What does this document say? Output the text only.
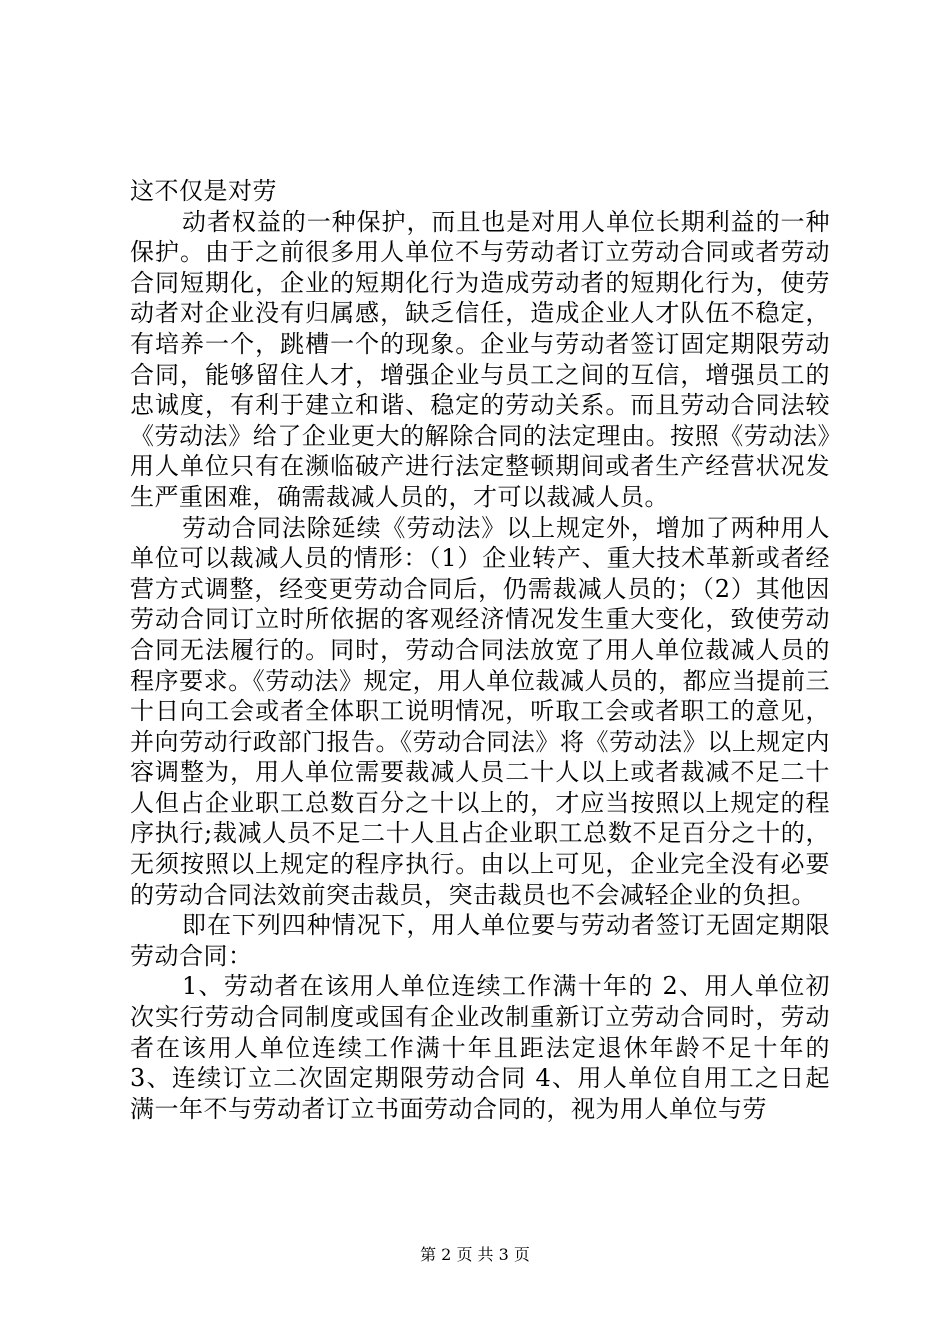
这不仅是对劳

动者权益的一种保护，而且也是对用人单位长期利益的一种保护。由于之前很多用人单位不与劳动者订立劳动合同或者劳动合同短期化，企业的短期化行为造成劳动者的短期化行为，使劳动者对企业没有归属感，缺乏信任，造成企业人才队伍不稳定，有培养一个，跳槽一个的现象。企业与劳动者签订固定期限劳动合同，能够留住人才，增强企业与员工之间的互信，增强员工的忠诚度，有利于建立和谐、稳定的劳动关系。而且劳动合同法较《劳动法》给了企业更大的解除合同的法定理由。按照《劳动法》用人单位只有在濒临破产进行法定整顿期间或者生产经营状况发生严重困难，确需裁减人员的，才可以裁减人员。

劳动合同法除延续《劳动法》以上规定外，增加了两种用人单位可以裁减人员的情形：（1）企业转产、重大技术革新或者经营方式调整，经变更劳动合同后，仍需裁减人员的；（2）其他因劳动合同订立时所依据的客观经济情况发生重大变化，致使劳动合同无法履行的。同时，劳动合同法放宽了用人单位裁减人员的程序要求。《劳动法》规定，用人单位裁减人员的，都应当提前三十日向工会或者全体职工说明情况，听取工会或者职工的意见，并向劳动行政部门报告。《劳动合同法》将《劳动法》以上规定内容调整为，用人单位需要裁减人员二十人以上或者裁减不足二十人但占企业职工总数百分之十以上的，才应当按照以上规定的程序执行;裁减人员不足二十人且占企业职工总数不足百分之十的，无须按照以上规定的程序执行。由以上可见，企业完全没有必要的劳动合同法效前突击裁员，突击裁员也不会减轻企业的负担。

即在下列四种情况下，用人单位要与劳动者签订无固定期限劳动合同：

1、劳动者在该用人单位连续工作满十年的 2、用人单位初次实行劳动合同制度或国有企业改制重新订立劳动合同时，劳动者在该用人单位连续工作满十年且距法定退休年龄不足十年的 3、连续订立二次固定期限劳动合同 4、用人单位自用工之日起满一年不与劳动者订立书面劳动合同的，视为用人单位与劳

第 2 页 共 3 页
